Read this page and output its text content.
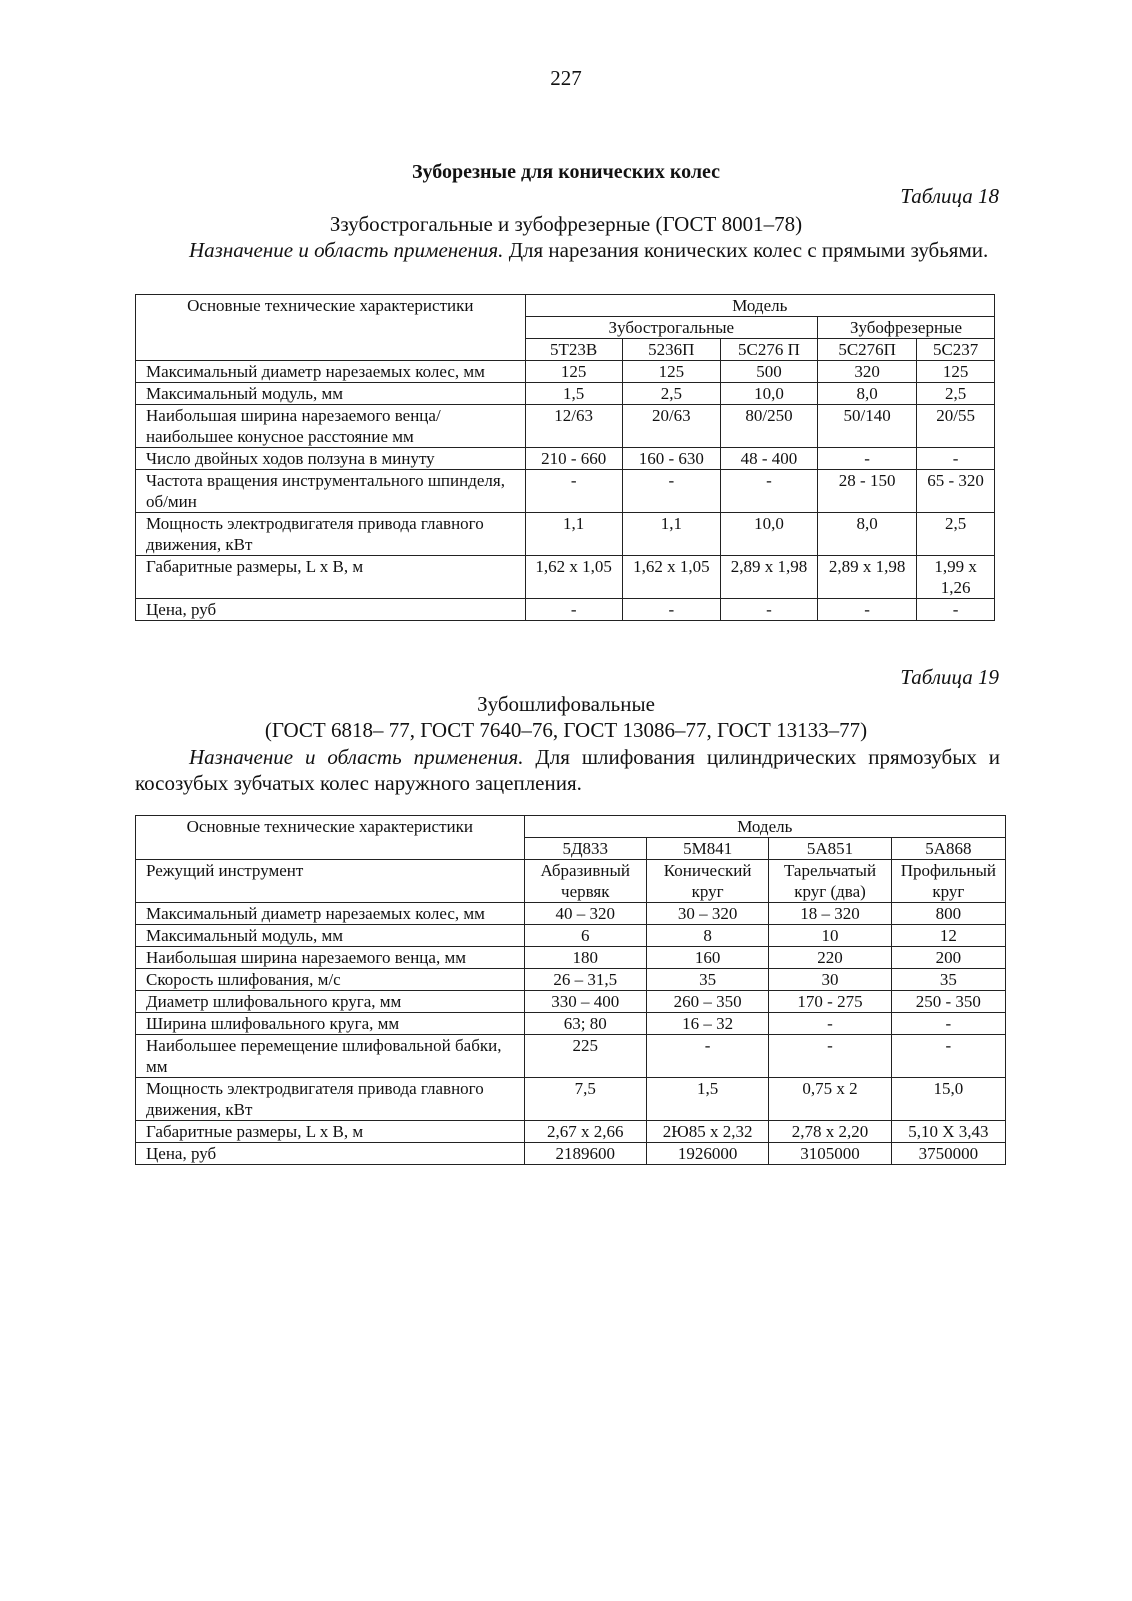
227
Зуборезные для конических колес
Таблица 18
Ззубострогальные и зубофрезерные (ГОСТ 8001–78)
Назначение и область применения. Для нарезания конических колес с прямыми зубьями.
Основные технические характеристики	Модель				
	Зубострогальные			Зубофрезерные	
	5Т23В	5236П	5С276 П	5С276П	5С237
Максимальный диаметр нарезаемых колес, мм	125	125	500	320	125
Максимальный модуль, мм	1,5	2,5	10,0	8,0	2,5
Наибольшая ширина нарезаемого венца/ наибольшее конусное расстояние мм	12/63	20/63	80/250	50/140	20/55
Число двойных ходов ползуна в минуту	210 - 660	160 - 630	48 - 400	-	-
Частота вращения инструментального шпинделя, об/мин	-	-	-	28 - 150	65 - 320
Мощность электродвигателя привода главного движения, кВт	1,1	1,1	10,0	8,0	2,5
Габаритные размеры, L x B, м	1,62 x 1,05	1,62 x 1,05	2,89 x 1,98	2,89 x 1,98	1,99 x 1,26
Цена, руб	-	-	-	-	-
Таблица 19
Зубошлифовальные
(ГОСТ 6818– 77, ГОСТ 7640–76, ГОСТ 13086–77, ГОСТ 13133–77)
Назначение и область применения. Для шлифования цилиндрических прямозубых и косозубых зубчатых колес наружного зацепления.
Основные технические характеристики	Модель			
	5Д833	5М841	5А851	5А868
Режущий инструмент	Абразивный червяк	Конический круг	Тарельчатый круг (два)	Профильный круг
Максимальный диаметр нарезаемых колес, мм	40 – 320	30 – 320	18 – 320	800
Максимальный модуль, мм	6	8	10	12
Наибольшая ширина нарезаемого венца, мм	180	160	220	200
Скорость шлифования, м/с	26 – 31,5	35	30	35
Диаметр шлифовального круга, мм	330 – 400	260 – 350	170 - 275	250 - 350
Ширина шлифовального круга, мм	63; 80	16 – 32	-	-
Наибольшее перемещение шлифовальной бабки, мм	225	-	-	-
Мощность электродвигателя привода главного движения, кВт	7,5	1,5	0,75 x 2	15,0
Габаритные размеры, L x B, м	2,67 x 2,66	2Ю85 x 2,32	2,78 x 2,20	5,10 X 3,43
Цена, руб	2189600	1926000	3105000	3750000
